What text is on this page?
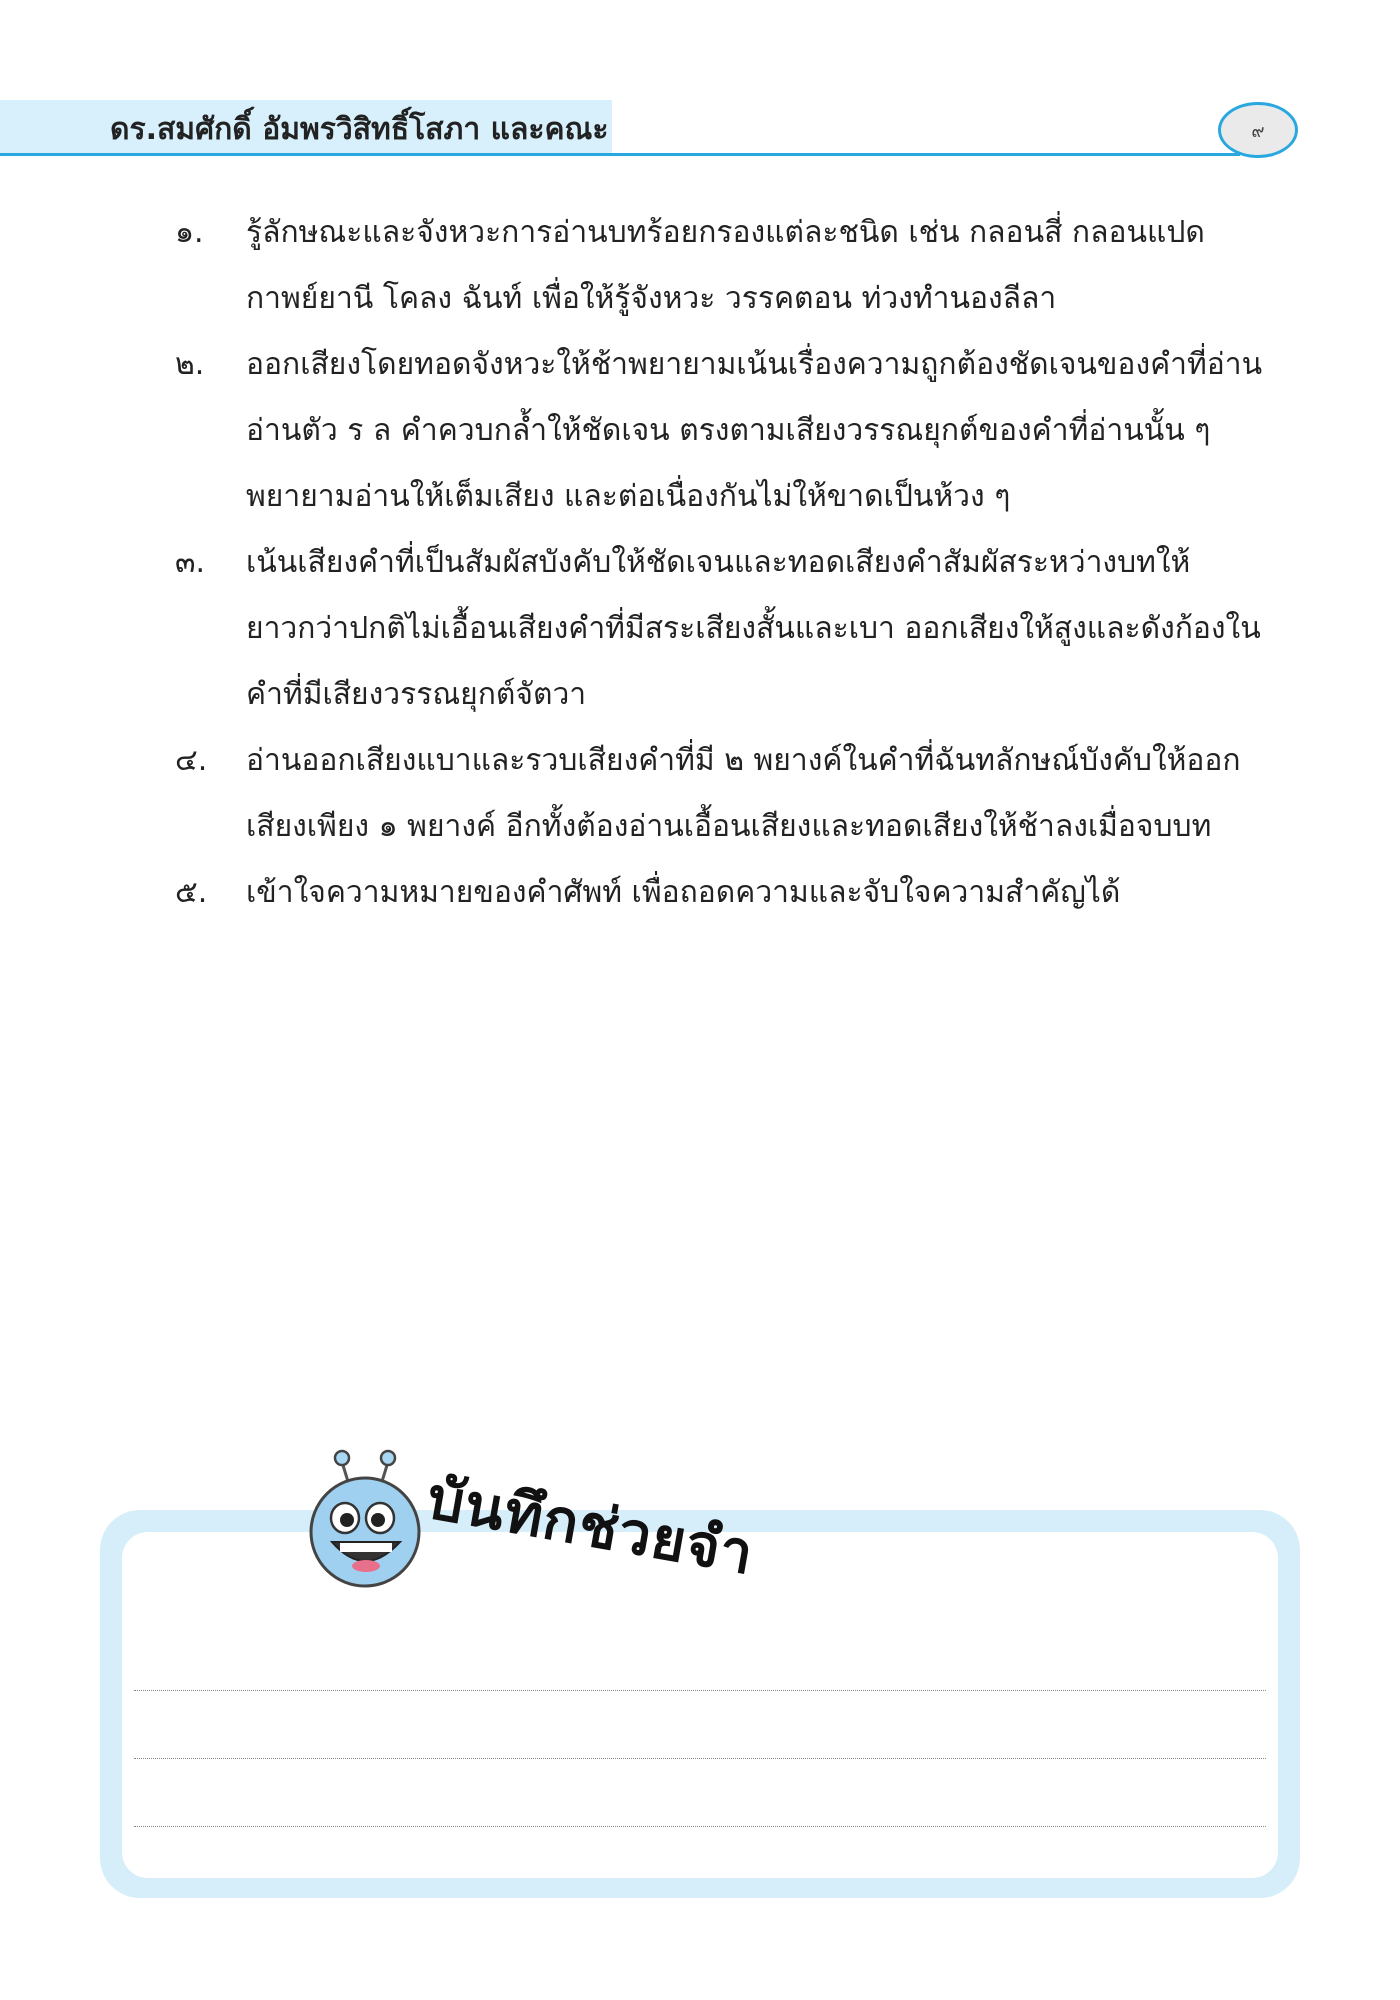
ดร.สมศักดิ์ อัมพรวิสิทธิ์โสภา และคณะ	๙
๑. รู้ลักษณะและจังหวะการอ่านบทร้อยกรองแต่ละชนิด เช่น กลอนสี่ กลอนแปด
กาพย์ยานี โคลง ฉันท์ เพื่อให้รู้จังหวะ วรรคตอน ท่วงทำนองลีลา
๒. ออกเสียงโดยทอดจังหวะให้ช้าพยายามเน้นเรื่องความถูกต้องชัดเจนของคำที่อ่าน
อ่านตัว ร ล คำควบกล้ำให้ชัดเจน ตรงตามเสียงวรรณยุกต์ของคำที่อ่านนั้น ๆ
พยายามอ่านให้เต็มเสียง และต่อเนื่องกันไม่ให้ขาดเป็นห้วง ๆ
๓. เน้นเสียงคำที่เป็นสัมผัสบังคับให้ชัดเจนและทอดเสียงคำสัมผัสระหว่างบทให้
ยาวกว่าปกติไม่เอื้อนเสียงคำที่มีสระเสียงสั้นและเบา ออกเสียงให้สูงและดังก้องใน
คำที่มีเสียงวรรณยุกต์จัตวา
๔. อ่านออกเสียงแบาและรวบเสียงคำที่มี ๒ พยางค์ในคำที่ฉันทลักษณ์บังคับให้ออก
เสียงเพียง ๑ พยางค์ อีกทั้งต้องอ่านเอื้อนเสียงและทอดเสียงให้ช้าลงเมื่อจบบท
๕. เข้าใจความหมายของคำศัพท์ เพื่อถอดความและจับใจความสำคัญได้
บันทึกช่วยจำ
